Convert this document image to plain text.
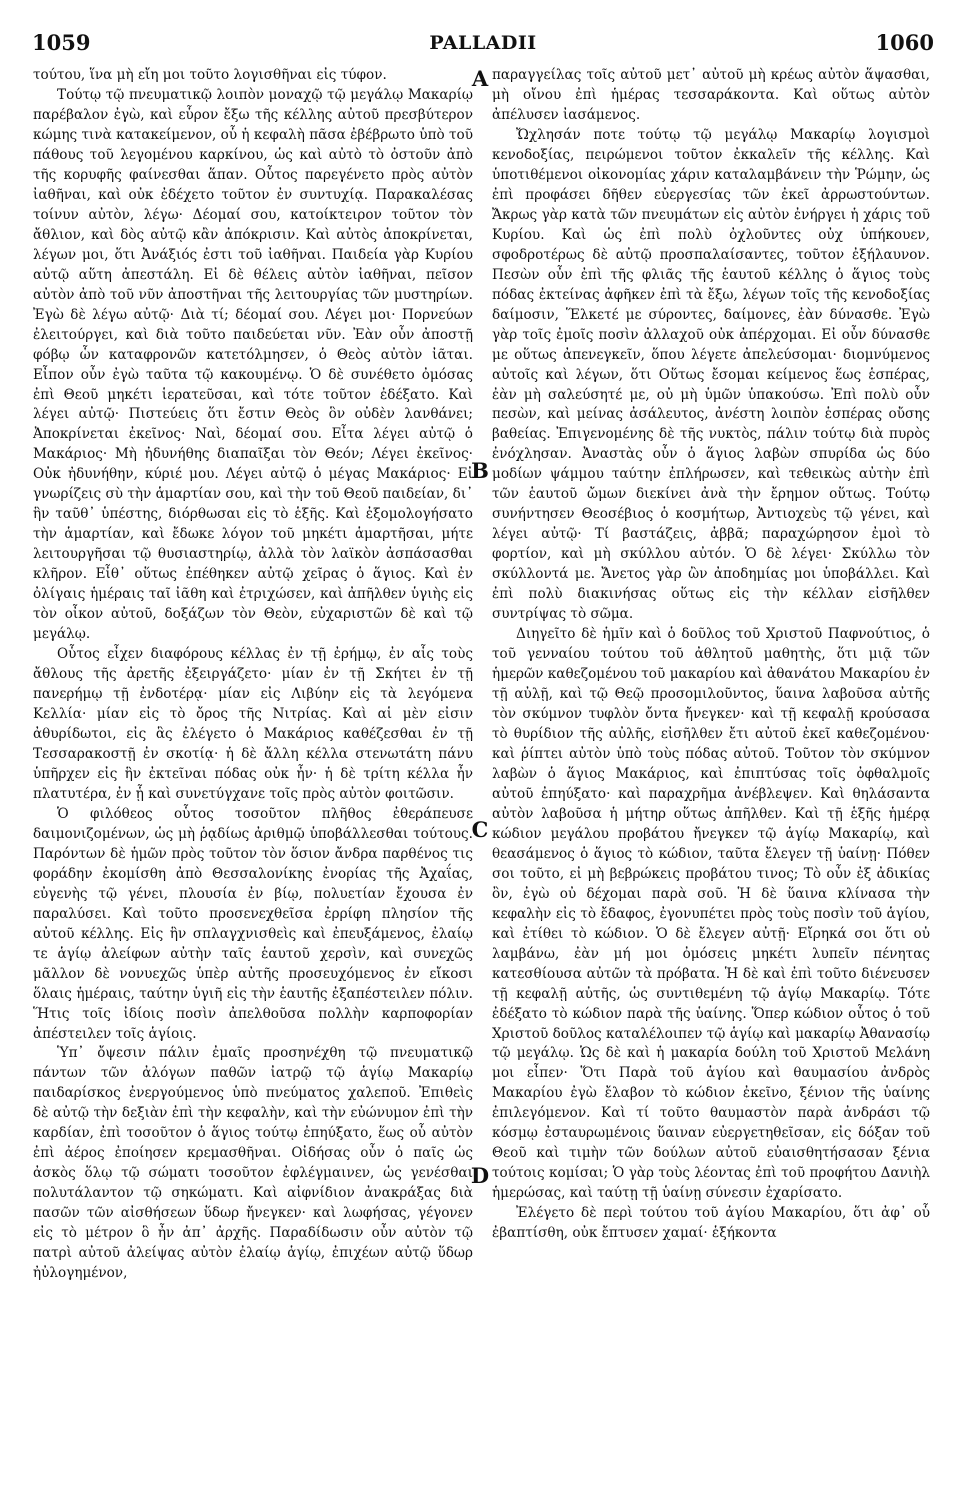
1059	PALLADII	1060

τούτου, ἵνα μὴ εἴη μοι τοῦτο λογισθῆναι εἰς τύφον.

Τούτῳ τῷ πνευματικῷ λοιπὸν μοναχῷ τῷ μεγάλῳ Μακαρίῳ παρέβαλον ἐγὼ, καὶ εὗρον ἔξω τῆς κέλλης αὐτοῦ πρεσβύτερον κώμης τινὰ κατακείμενον, οὗ ἡ κεφαλὴ πᾶσα ἐβέβρωτο ὑπὸ τοῦ πάθους τοῦ λεγομένου καρκίνου, ὡς καὶ αὐτὸ τὸ ὀστοῦν ἀπὸ τῆς κορυφῆς φαίνεσθαι ἅπαν. Οὗτος παρεγένετο πρὸς αὐτὸν ἰαθῆναι, καὶ οὐκ ἐδέχετο τοῦτον ἐν συντυχίᾳ. Παρακαλέσας τοίνυν αὐτὸν, λέγω· Δέομαί σου, κατοίκτειρον τοῦτον τὸν ἄθλιον, καὶ δὸς αὐτῷ κἂν ἀπόκρισιν. Καὶ αὐτὸς ἀποκρίνεται, λέγων μοι, ὅτι Ἀνάξιός ἐστι τοῦ ἰαθῆναι. Παιδεία γὰρ Κυρίου αὐτῷ αὕτη ἀπεστάλη. Εἰ δὲ θέλεις αὐτὸν ἰαθῆναι, πεῖσον αὐτὸν ἀπὸ τοῦ νῦν ἀποστῆναι τῆς λειτουργίας τῶν μυστηρίων. Ἐγὼ δὲ λέγω αὐτῷ· Διὰ τί; δέομαί σου. Λέγει μοι· Πορνεύων ἐλειτούργει, καὶ διὰ τοῦτο παιδεύεται νῦν. Ἐὰν οὖν ἀποστῇ φόβῳ ὧν καταφρονῶν κατετόλμησεν, ὁ Θεὸς αὐτὸν ἰᾶται. Εἶπον οὖν ἐγὼ ταῦτα τῷ κακουμένῳ. Ὁ δὲ συνέθετο ὀμόσας ἐπὶ Θεοῦ μηκέτι ἱερατεῦσαι, καὶ τότε τοῦτον ἐδέξατο. Καὶ λέγει αὐτῷ· Πιστεύεις ὅτι ἔστιν Θεὸς ὃν οὐδὲν λανθάνει; Ἀποκρίνεται ἐκεῖνος· Ναὶ, δέομαί σου. Εἶτα λέγει αὐτῷ ὁ Μακάριος· Μὴ ἠδυνήθης διαπαῖξαι τὸν Θεόν; Λέγει ἐκεῖνος· Οὐκ ἠδυνήθην, κύριέ μου. Λέγει αὐτῷ ὁ μέγας Μακάριος· Εἰ γνωρίζεις σὺ τὴν ἁμαρτίαν σου, καὶ τὴν τοῦ Θεοῦ παιδείαν, δι᾽ ἣν ταῦθ᾽ ὑπέστης, διόρθωσαι εἰς τὸ ἑξῆς. Καὶ ἐξομολογήσατο τὴν ἁμαρτίαν, καὶ ἔδωκε λόγον τοῦ μηκέτι ἁμαρτῆσαι, μήτε λειτουργῆσαι τῷ θυσιαστηρίῳ, ἀλλὰ τὸν λαϊκὸν ἀσπάσασθαι κλῆρον. Εἶθ᾽ οὕτως ἐπέθηκεν αὐτῷ χεῖρας ὁ ἅγιος. Καὶ ἐν ὀλίγαις ἡμέραις ταῖ ἰᾶθη καὶ ἐτριχώσεν, καὶ ἀπῆλθεν ὑγιὴς εἰς τὸν οἶκον αὐτοῦ, δοξάζων τὸν Θεὸν, εὐχαριστῶν δὲ καὶ τῷ μεγάλῳ.

Οὗτος εἶχεν διαφόρους κέλλας ἐν τῇ ἐρήμῳ, ἐν αἷς τοὺς ἄθλους τῆς ἀρετῆς ἐξειργάζετο· μίαν ἐν τῇ Σκήτει ἐν τῇ πανερήμῳ τῇ ἐνδοτέρᾳ· μίαν εἰς Λιβύην εἰς τὰ λεγόμενα Κελλία· μίαν εἰς τὸ ὄρος τῆς Νιτρίας. Καὶ αἱ μὲν εἰσιν ἀθυρίδωτοι, εἰς ἃς ἐλέγετο ὁ Μακάριος καθέζεσθαι ἐν τῇ Τεσσαρακοστῇ ἐν σκοτίᾳ· ἡ δὲ ἄλλη κέλλα στενωτάτη πάνυ ὑπῆρχεν εἰς ἣν ἐκτεῖναι πόδας οὐκ ἦν· ἡ δὲ τρίτη κέλλα ἦν πλατυτέρα, ἐν ᾗ καὶ συνετύγχανε τοῖς πρὸς αὐτὸν φοιτῶσιν.

Ὁ φιλόθεος οὗτος τοσοῦτον πλῆθος ἐθεράπευσε δαιμονιζομένων, ὡς μὴ ῥᾳδίως ἀριθμῷ ὑποβάλλεσθαι τούτους. Παρόντων δὲ ἡμῶν πρὸς τοῦτον τὸν ὅσιον ἄνδρα παρθένος τις φοράδην ἐκομίσθη ἀπὸ Θεσσαλονίκης ἐνορίας τῆς Ἀχαΐας, εὐγενὴς τῷ γένει, πλουσία ἐν βίῳ, πολυετίαν ἔχουσα ἐν παραλύσει. Καὶ τοῦτο προσενεχθεῖσα ἐρρίφη πλησίον τῆς αὐτοῦ κέλλης. Εἰς ἣν σπλαγχνισθεὶς καὶ ἐπευξάμενος, ἐλαίῳ τε ἁγίῳ ἀλείφων αὐτὴν ταῖς ἑαυτοῦ χερσὶν, καὶ συνεχῶς μᾶλλον δὲ νονυεχῶς ὑπὲρ αὐτῆς προσευχόμενος ἐν εἴκοσι ὅλαις ἡμέραις, ταύτην ὑγιῆ εἰς τὴν ἑαυτῆς ἐξαπέστειλεν πόλιν. Ἥτις τοῖς ἰδίοις ποσὶν ἀπελθοῦσα πολλὴν καρποφορίαν ἀπέστειλεν τοῖς ἁγίοις.

Ὑπ᾽ ὄψεσιν πάλιν ἐμαῖς προσηνέχθη τῷ πνευματικῷ πάντων τῶν ἀλόγων παθῶν ἰατρῷ τῷ ἁγίῳ Μακαρίῳ παιδαρίσκος ἐνεργούμενος ὑπὸ πνεύματος χαλεποῦ. Ἐπιθεὶς δὲ αὐτῷ τὴν δεξιὰν ἐπὶ τὴν κεφαλὴν, καὶ τὴν εὐώνυμον ἐπὶ τὴν καρδίαν, ἐπὶ τοσοῦτον ὁ ἅγιος τούτῳ ἐπηύξατο, ἕως οὗ αὐτὸν ἐπὶ ἀέρος ἐποίησεν κρεμασθῆναι. Οἰδήσας οὖν ὁ παῖς ὡς ἀσκὸς ὅλῳ τῷ σώματι τοσοῦτον ἐφλέγμαινεν, ὡς γενέσθαι πολυτάλαντον τῷ σηκώματι. Καὶ αἰφνίδιον ἀνακράξας διὰ πασῶν τῶν αἰσθήσεων ὕδωρ ἤνεγκεν· καὶ λωφήσας, γέγονεν εἰς τὸ μέτρον ὃ ἦν ἀπ᾽ ἀρχῆς. Παραδίδωσιν οὖν αὐτὸν τῷ πατρὶ αὐτοῦ ἀλείψας αὐτὸν ἐλαίῳ ἁγίῳ, ἐπιχέων αὐτῷ ὕδωρ ἠὐλογημένον,

A
B
C
D

παραγγείλας τοῖς αὐτοῦ μετ᾽ αὐτοῦ μὴ κρέως αὐτὸν ἅψασθαι, μὴ οἴνου ἐπὶ ἡμέρας τεσσαράκοντα. Καὶ οὕτως αὐτὸν ἀπέλυσεν ἰασάμενος.

Ὤχλησάν ποτε τούτῳ τῷ μεγάλῳ Μακαρίῳ λογισμοὶ κενοδοξίας, πειρώμενοι τοῦτον ἐκκαλεῖν τῆς κέλλης. Καὶ ὑποτιθέμενοι οἰκονομίας χάριν καταλαμβάνειν τὴν Ῥώμην, ὡς ἐπὶ προφάσει δῆθεν εὐεργεσίας τῶν ἐκεῖ ἀρρωστούντων. Ἄκρως γὰρ κατὰ τῶν πνευμάτων εἰς αὐτὸν ἐνήργει ἡ χάρις τοῦ Κυρίου. Καὶ ὡς ἐπὶ πολὺ ὀχλοῦντες οὐχ ὑπήκουεν, σφοδροτέρως δὲ αὐτῷ προσπαλαίσαντες, τοῦτον ἐξήλαυνον. Πεσὼν οὖν ἐπὶ τῆς φλιᾶς τῆς ἑαυτοῦ κέλλης ὁ ἅγιος τοὺς πόδας ἐκτείνας ἀφῆκεν ἐπὶ τὰ ἔξω, λέγων τοῖς τῆς κενοδοξίας δαίμοσιν, Ἕλκετέ με σύροντες, δαίμονες, ἐὰν δύνασθε. Ἐγὼ γὰρ τοῖς ἐμοῖς ποσὶν ἀλλαχοῦ οὐκ ἀπέρχομαι. Εἰ οὖν δύνασθε με οὕτως ἀπενεγκεῖν, ὅπου λέγετε ἀπελεύσομαι· διομνύμενος αὐτοῖς καὶ λέγων, ὅτι Οὕτως ἔσομαι κείμενος ἕως ἑσπέρας, ἐὰν μὴ σαλεύσητέ με, οὐ μὴ ὑμῶν ὑπακούσω. Ἐπὶ πολὺ οὖν πεσὼν, καὶ μείνας ἀσάλευτος, ἀνέστη λοιπὸν ἑσπέρας οὔσης βαθείας. Ἐπιγενομένης δὲ τῆς νυκτὸς, πάλιν τούτῳ διὰ πυρὸς ἐνόχλησαν. Ἀναστὰς οὖν ὁ ἅγιος λαβὼν σπυρίδα ὡς δύο μοδίων ψάμμου ταύτην ἐπλήρωσεν, καὶ τεθεικὼς αὐτὴν ἐπὶ τῶν ἑαυτοῦ ὤμων διεκίνει ἀνὰ τὴν ἔρημον οὕτως. Τούτῳ συνήντησεν Θεοσέβιος ὁ κοσμήτωρ, Ἀντιοχεὺς τῷ γένει, καὶ λέγει αὐτῷ· Τί βαστάζεις, ἀββᾶ; παραχώρησον ἐμοὶ τὸ φορτίον, καὶ μὴ σκύλλου αὐτόν. Ὁ δὲ λέγει· Σκύλλω τὸν σκύλλοντά με. Ἄνετος γὰρ ὢν ἀποδημίας μοι ὑποβάλλει. Καὶ ἐπὶ πολὺ διακινήσας οὕτως εἰς τὴν κέλλαν εἰσῆλθεν συντρίψας τὸ σῶμα.

Διηγεῖτο δὲ ἡμῖν καὶ ὁ δοῦλος τοῦ Χριστοῦ Παφνούτιος, ὁ τοῦ γενναίου τούτου τοῦ ἀθλητοῦ μαθητὴς, ὅτι μιᾷ τῶν ἡμερῶν καθεζομένου τοῦ μακαρίου καὶ ἀθανάτου Μακαρίου ἐν τῇ αὐλῇ, καὶ τῷ Θεῷ προσομιλοῦντος, ὕαινα λαβοῦσα αὐτῆς τὸν σκύμνον τυφλὸν ὄντα ἤνεγκεν· καὶ τῇ κεφαλῇ κρούσασα τὸ θυρίδιον τῆς αὐλῆς, εἰσῆλθεν ἔτι αὐτοῦ ἐκεῖ καθεζομένου· καὶ ῥίπτει αὐτὸν ὑπὸ τοὺς πόδας αὐτοῦ. Τοῦτον τὸν σκύμνον λαβὼν ὁ ἅγιος Μακάριος, καὶ ἐπιπτύσας τοῖς ὀφθαλμοῖς αὐτοῦ ἐπηύξατο· καὶ παραχρῆμα ἀνέβλεψεν. Καὶ θηλάσαντα αὐτὸν λαβοῦσα ἡ μήτηρ οὕτως ἀπῆλθεν. Καὶ τῇ ἑξῆς ἡμέρᾳ κώδιον μεγάλου προβάτου ἤνεγκεν τῷ ἁγίῳ Μακαρίῳ, καὶ θεασάμενος ὁ ἅγιος τὸ κώδιον, ταῦτα ἔλεγεν τῇ ὑαίνῃ· Πόθεν σοι τοῦτο, εἰ μὴ βεβρώκεις προβάτου τινος; Τὸ οὖν ἐξ ἀδικίας ὂν, ἐγὼ οὐ δέχομαι παρὰ σοῦ. Ἡ δὲ ὕαινα κλίνασα τὴν κεφαλὴν εἰς τὸ ἔδαφος, ἐγονυπέτει πρὸς τοὺς ποσὶν τοῦ ἁγίου, καὶ ἐτίθει τὸ κώδιον. Ὁ δὲ ἔλεγεν αὐτῇ· Εἴρηκά σοι ὅτι οὐ λαμβάνω, ἐὰν μή μοι ὀμόσεις μηκέτι λυπεῖν πένητας κατεσθίουσα αὐτῶν τὰ πρόβατα. Ἡ δὲ καὶ ἐπὶ τοῦτο διένευσεν τῇ κεφαλῇ αὐτῆς, ὡς συντιθεμένη τῷ ἁγίῳ Μακαρίῳ. Τότε ἐδέξατο τὸ κώδιον παρὰ τῆς ὑαίνης. Ὅπερ κώδιον οὗτος ὁ τοῦ Χριστοῦ δοῦλος καταλέλοιπεν τῷ ἁγίῳ καὶ μακαρίῳ Ἀθανασίῳ τῷ μεγάλῳ. Ὡς δὲ καὶ ἡ μακαρία δούλη τοῦ Χριστοῦ Μελάνη μοι εἶπεν· Ὅτι Παρὰ τοῦ ἁγίου καὶ θαυμασίου ἀνδρὸς Μακαρίου ἐγὼ ἔλαβον τὸ κώδιον ἐκεῖνο, ξένιον τῆς ὑαίνης ἐπιλεγόμενον. Καὶ τί τοῦτο θαυμαστὸν παρὰ ἀνδράσι τῷ κόσμῳ ἐσταυρωμένοις ὕαιναν εὐεργετηθεῖσαν, εἰς δόξαν τοῦ Θεοῦ καὶ τιμὴν τῶν δούλων αὐτοῦ εὐαισθητήσασαν ξένια τούτοις κομίσαι; Ὁ γὰρ τοὺς λέοντας ἐπὶ τοῦ προφήτου Δανιὴλ ἡμερώσας, καὶ ταύτῃ τῇ ὑαίνῃ σύνεσιν ἐχαρίσατο.

Ἐλέγετο δὲ περὶ τούτου τοῦ ἁγίου Μακαρίου, ὅτι ἀφ᾽ οὗ ἐβαπτίσθη, οὐκ ἔπτυσεν χαμαί· ἑξήκοντα
